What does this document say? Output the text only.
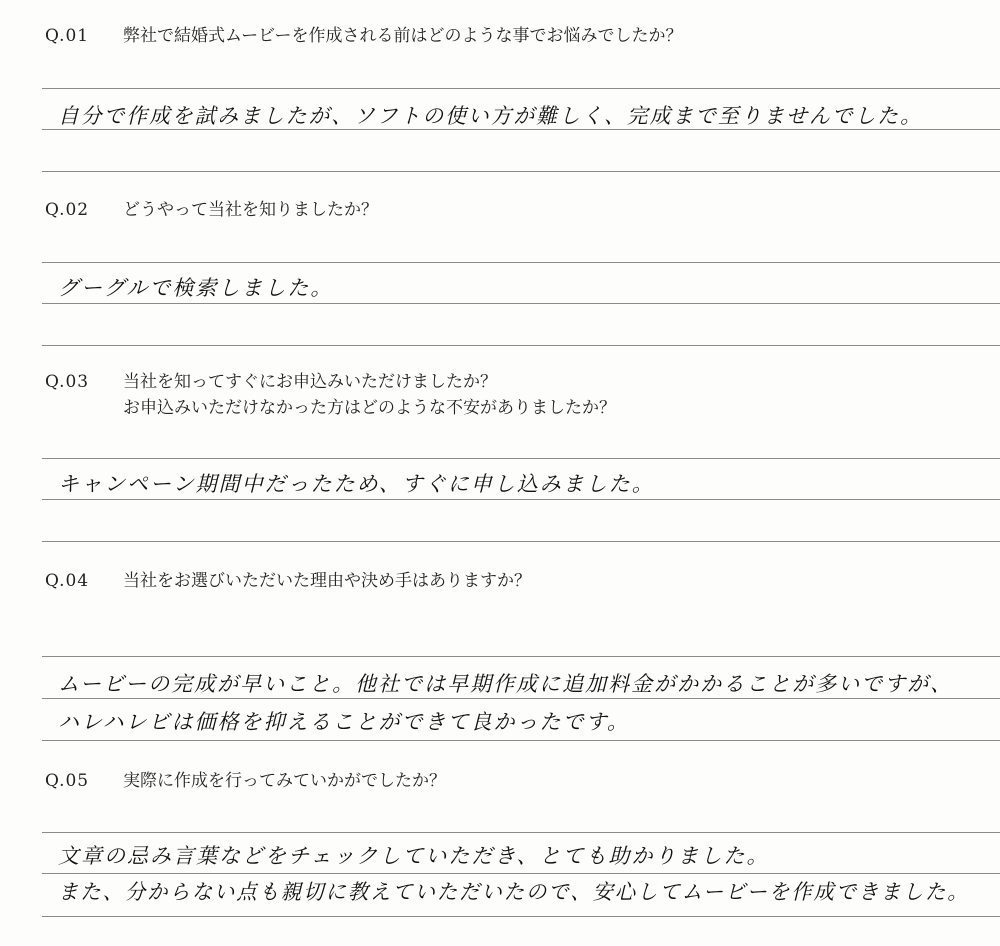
Q.01 弊社で結婚式ムービーを作成される前はどのような事でお悩みでしたか？
自分で作成を試みましたが、ソフトの使い方が難しく、完成まで至りませんでした。
Q.02 どうやって当社を知りましたか？
グーグルで検索しました。
Q.03 当社を知ってすぐにお申込みいただけましたか？
お申込みいただけなかった方はどのような不安がありましたか？
キャンペーン期間中だったため、すぐに申し込みました。
Q.04 当社をお選びいただいた理由や決め手はありますか？
ムービーの完成が早いこと。他社では早期作成に追加料金がかかることが多いですが、
ハレハレビは価格を抑えることができて良かったです。
Q.05 実際に作成を行ってみていかがでしたか？
文章の忌み言葉などをチェックしていただき、とても助かりました。
また、分からない点も親切に教えていただいたので、安心してムービーを作成できました。
